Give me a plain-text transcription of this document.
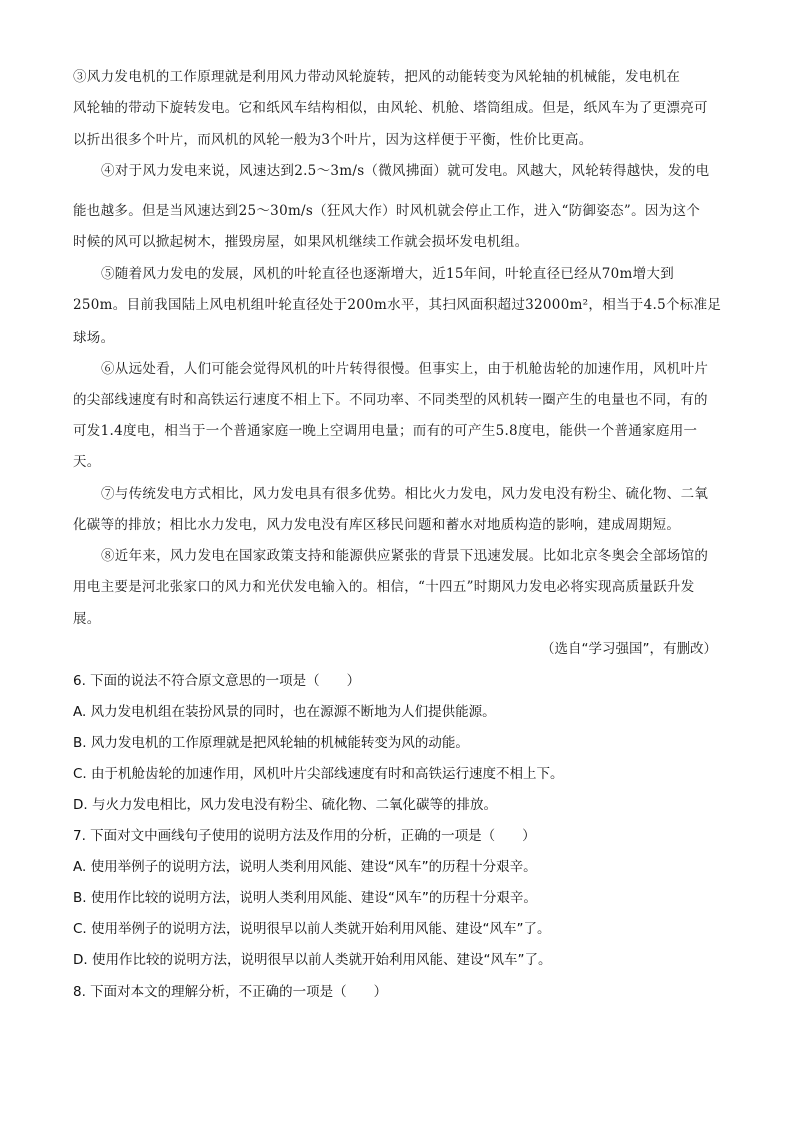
③风力发电机的工作原理就是利用风力带动风轮旋转，把风的动能转变为风轮轴的机械能，发电机在
风轮轴的带动下旋转发电。它和纸风车结构相似，由风轮、机舱、塔筒组成。但是，纸风车为了更漂亮可
以折出很多个叶片，而风机的风轮一般为3个叶片，因为这样便于平衡，性价比更高。
④对于风力发电来说，风速达到2.5～3m/s（微风拂面）就可发电。风越大，风轮转得越快，发的电
能也越多。但是当风速达到25～30m/s（狂风大作）时风机就会停止工作，进入“防御姿态”。因为这个
时候的风可以掀起树木，摧毁房屋，如果风机继续工作就会损坏发电机组。
⑤随着风力发电的发展，风机的叶轮直径也逐渐增大，近15年间，叶轮直径已经从70m增大到
250m。目前我国陆上风电机组叶轮直径处于200m水平，其扫风面积超过32000m²，相当于4.5个标准足
球场。
⑥从远处看，人们可能会觉得风机的叶片转得很慢。但事实上，由于机舱齿轮的加速作用，风机叶片
的尖部线速度有时和高铁运行速度不相上下。不同功率、不同类型的风机转一圈产生的电量也不同，有的
可发1.4度电，相当于一个普通家庭一晚上空调用电量；而有的可产生5.8度电，能供一个普通家庭用一
天。
⑦与传统发电方式相比，风力发电具有很多优势。相比火力发电，风力发电没有粉尘、硫化物、二氧
化碳等的排放；相比水力发电，风力发电没有库区移民问题和蓄水对地质构造的影响，建成周期短。
⑧近年来，风力发电在国家政策支持和能源供应紧张的背景下迅速发展。比如北京冬奥会全部场馆的
用电主要是河北张家口的风力和光伏发电输入的。相信，“十四五”时期风力发电必将实现高质量跃升发
展。
（选自“学习强国”，有删改）
6. 下面的说法不符合原文意思的一项是（　　）
A. 风力发电机组在装扮风景的同时，也在源源不断地为人们提供能源。
B. 风力发电机的工作原理就是把风轮轴的机械能转变为风的动能。
C. 由于机舱齿轮的加速作用，风机叶片尖部线速度有时和高铁运行速度不相上下。
D. 与火力发电相比，风力发电没有粉尘、硫化物、二氧化碳等的排放。
7. 下面对文中画线句子使用的说明方法及作用的分析，正确的一项是（　　）
A. 使用举例子的说明方法，说明人类利用风能、建设“风车”的历程十分艰辛。
B. 使用作比较的说明方法，说明人类利用风能、建设“风车”的历程十分艰辛。
C. 使用举例子的说明方法，说明很早以前人类就开始利用风能、建设“风车”了。
D. 使用作比较的说明方法，说明很早以前人类就开始利用风能、建设“风车”了。
8. 下面对本文的理解分析，不正确的一项是（　　）
